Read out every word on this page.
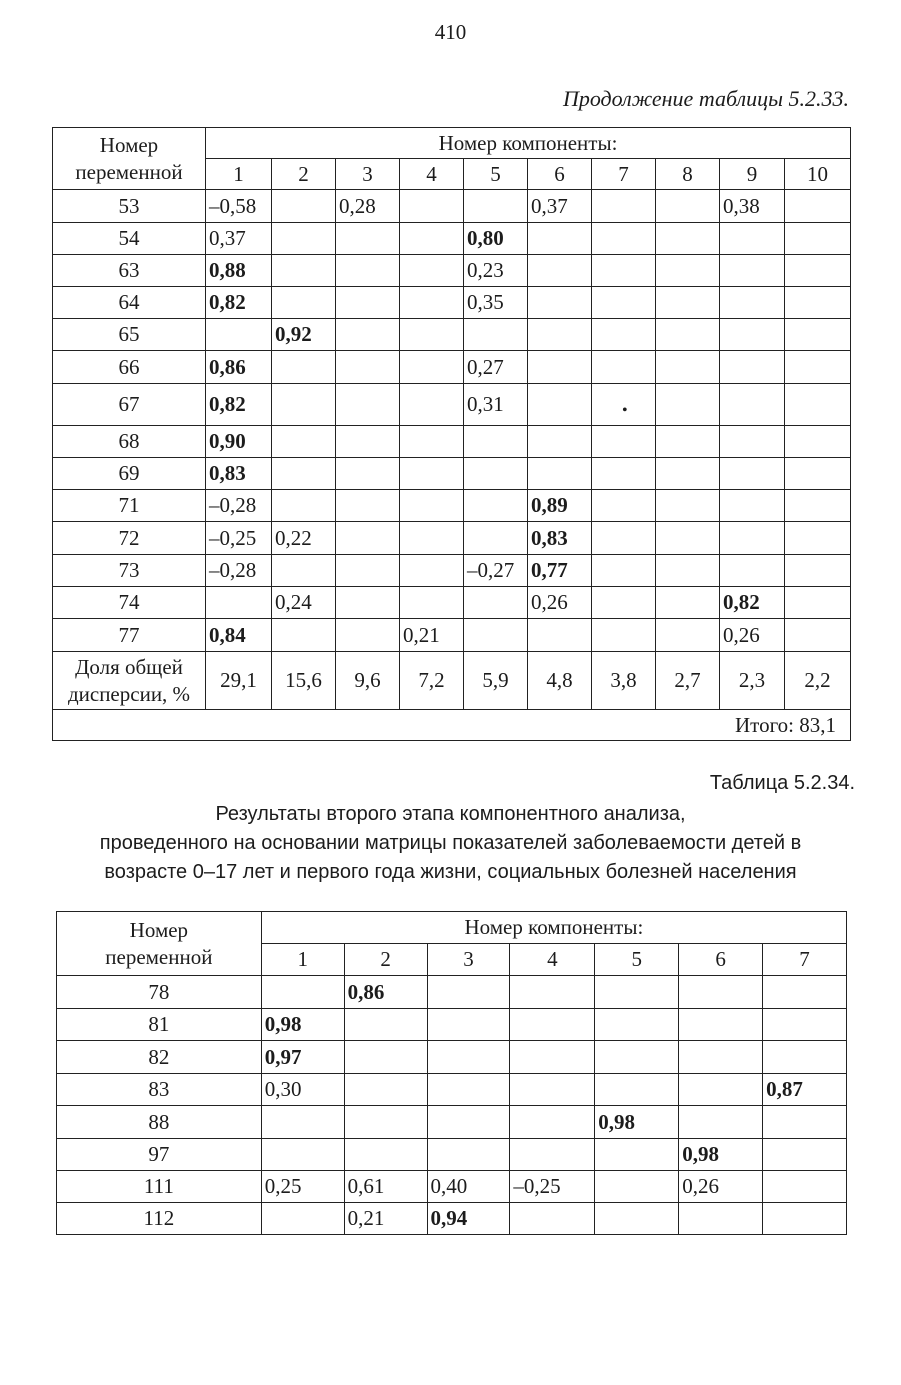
410
Продолжение таблицы 5.2.33.
Номер
переменной	Номер компоненты:									
	1	2	3	4	5	6	7	8	9	10
53	–0,58		0,28			0,37			0,38	
54	0,37				0,80					
63	0,88				0,23					
64	0,82				0,35					
65		0,92								
66	0,86				0,27					
67	0,82				0,31					
68	0,90									
69	0,83									
71	–0,28					0,89				
72	–0,25	0,22				0,83				
73	–0,28				–0,27	0,77				
74		0,24				0,26			0,82	
77	0,84			0,21					0,26	

Доля общей
дисперсии, %	29,1	15,6	9,6	7,2	5,9	4,8	3,8	2,7	2,3	2,2
Итого: 83,1										
•
Таблица 5.2.34.
Результаты второго этапа компонентного анализа,
проведенного на основании матрицы показателей заболеваемости детей в
возрасте 0–17 лет и первого года жизни, социальных болезней населения
Номер
переменной	Номер компоненты:						
	1	2	3	4	5	6	7
78		0,86					
81	0,98						
82	0,97						
83	0,30						0,87
88					0,98		
97						0,98	
111	0,25	0,61	0,40	–0,25		0,26	
112		0,21	0,94				
